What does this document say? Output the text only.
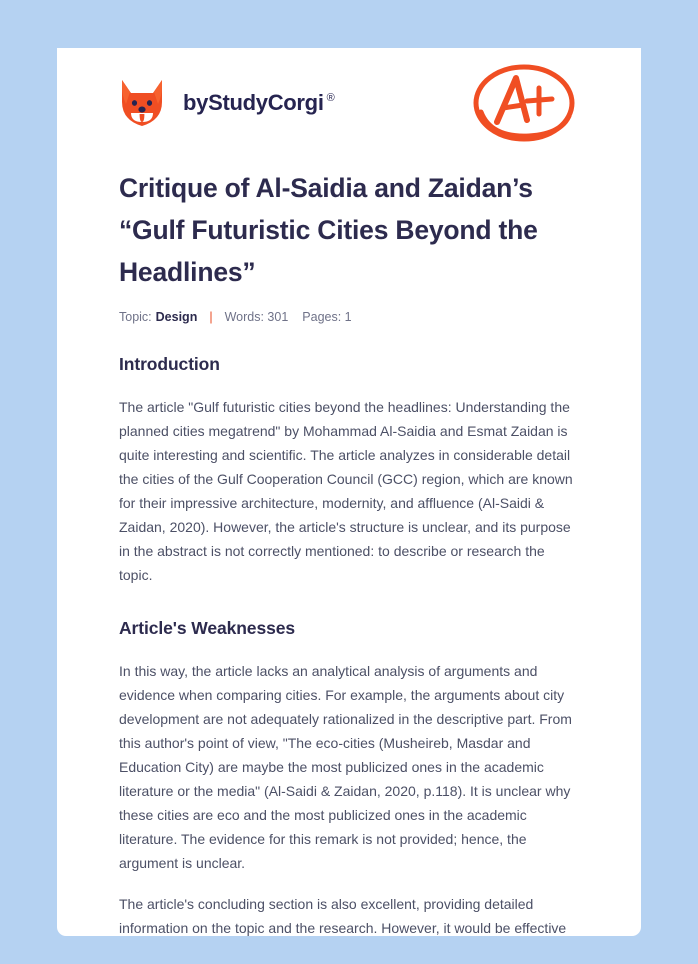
by StudyCorgi ®
Critique of Al-Saidia and Zaidan’s “Gulf Futuristic Cities Beyond the Headlines”
Topic: Design | Words: 301 Pages: 1
Introduction

The article "Gulf futuristic cities beyond the headlines: Understanding the planned cities megatrend" by Mohammad Al-Saidia and Esmat Zaidan is quite interesting and scientific. The article analyzes in considerable detail the cities of the Gulf Cooperation Council (GCC) region, which are known for their impressive architecture, modernity, and affluence (Al-Saidi & Zaidan, 2020). However, the article's structure is unclear, and its purpose in the abstract is not correctly mentioned: to describe or research the topic.

Article's Weaknesses

In this way, the article lacks an analytical analysis of arguments and evidence when comparing cities. For example, the arguments about city development are not adequately rationalized in the descriptive part. From this author's point of view, "The eco-cities (Musheireb, Masdar and Education City) are maybe the most publicized ones in the academic literature or the media" (Al-Saidi & Zaidan, 2020, p.118). It is unclear why these cities are eco and the most publicized ones in the academic literature. The evidence for this remark is not provided; hence, the argument is unclear.

The article's concluding section is also excellent, providing detailed information on the topic and the research. However, it would be effective
